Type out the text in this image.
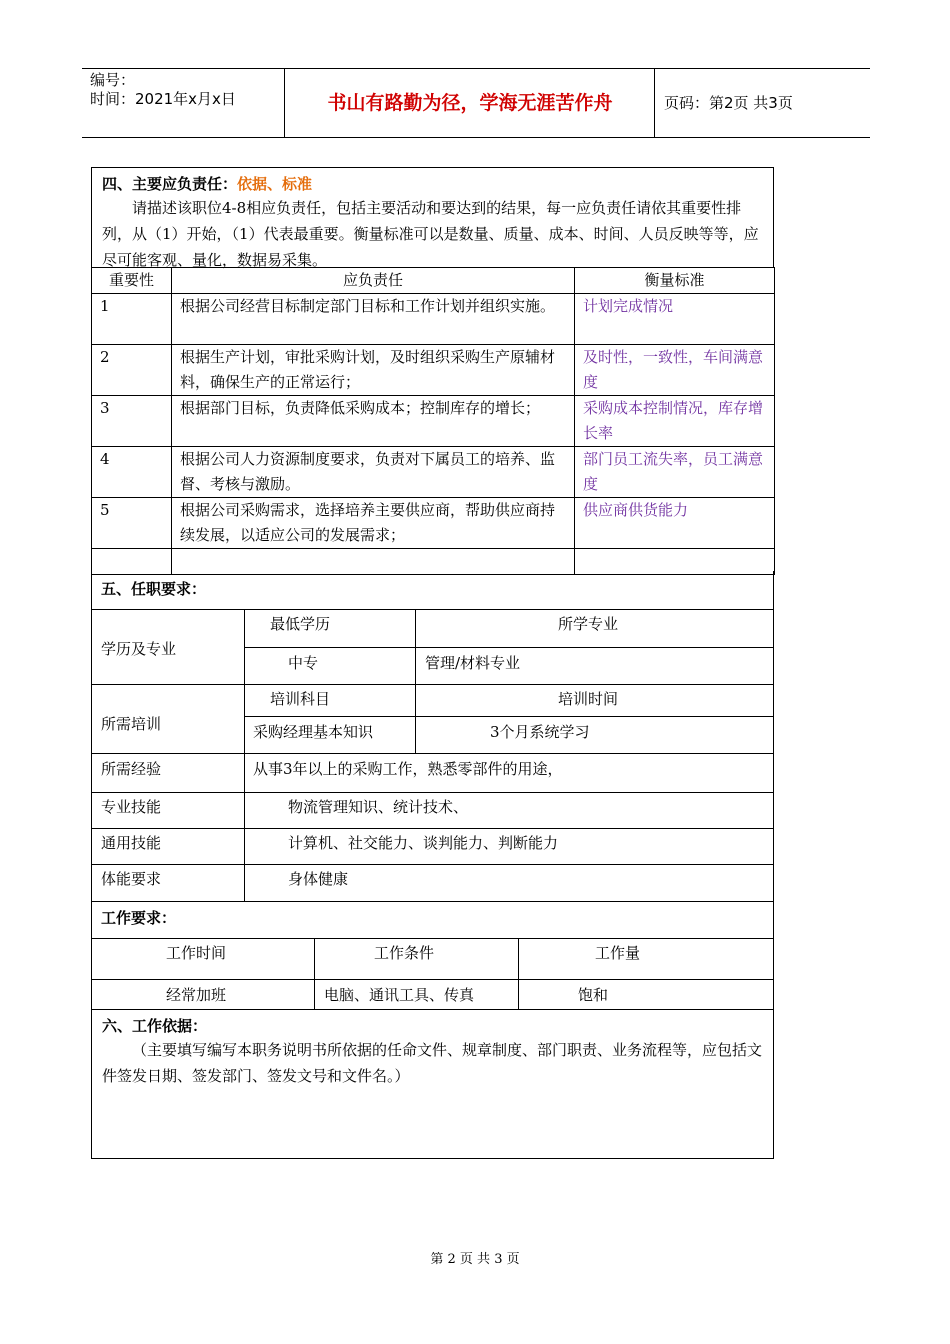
编号：
时间：2021年x月x日	书山有路勤为径，学海无涯苦作舟	页码：第2页 共3页
四、主要应负责任：依据、标准
请描述该职位4-8相应负责任，包括主要活动和要达到的结果，每一应负责任请依其重要性排列，从（1）开始，（1）代表最重要。衡量标准可以是数量、质量、成本、时间、人员反映等等，应尽可能客观、量化，数据易采集。
重要性	应负责任	衡量标准
1	根据公司经营目标制定部门目标和工作计划并组织实施。	计划完成情况
2	根据生产计划，审批采购计划，及时组织采购生产原辅材料，确保生产的正常运行；	及时性，一致性，车间满意度
3	根据部门目标，负责降低采购成本；控制库存的增长；	采购成本控制情况，库存增长率
4	根据公司人力资源制度要求，负责对下属员工的培养、监督、考核与激励。	部门员工流失率，员工满意度
5	根据公司采购需求，选择培养主要供应商，帮助供应商持续发展，以适应公司的发展需求；	供应商供货能力

五、任职要求：
学历及专业
最低学历	所学专业
中专	管理/材料专业
所需培训
培训科目	培训时间
采购经理基本知识	3个月系统学习
所需经验	从事3年以上的采购工作，熟悉零部件的用途，
专业技能	物流管理知识、统计技术、
通用技能	计算机、社交能力、谈判能力、判断能力
体能要求	身体健康
工作要求：
工作时间	工作条件	工作量
经常加班	电脑、通讯工具、传真	饱和
六、工作依据：
（主要填写编写本职务说明书所依据的任命文件、规章制度、部门职责、业务流程等，应包括文件签发日期、签发部门、签发文号和文件名。）
第 2 页 共 3 页
